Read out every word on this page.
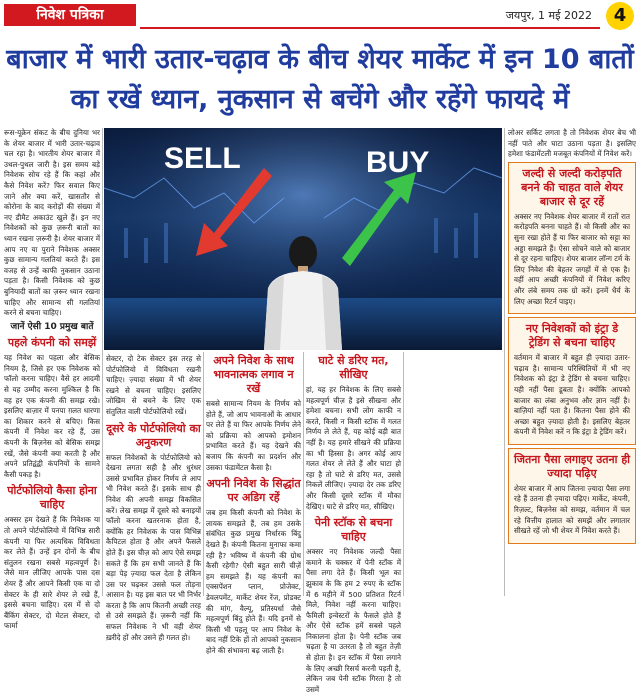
निवेश पत्रिका	जयपुर, 1 मई 2022	4
बाजार में भारी उतार-चढ़ाव के बीच शेयर मार्केट में इन 10 बातों का रखें ध्यान, नुकसान से बचेंगे और रहेंगे फायदे में
SELL	BUY

रूस-यूक्रेन संकट के बीच दुनिया भर के शेयर बाजार में भारी उतार-चढ़ाव चल रहा है। भारतीय शेयर बाजार में उथल-पुथल जारी है। इस समय बड़े निवेशक सोच रहे हैं कि कहां और कैसे निवेश करें? फिर सवाल किए जाने और क्या करें, खासतौर से कोरोना के बाद करोड़ों की संख्या में नए डीमैट अकाउंट खुले हैं। इन नए निवेशकों को कुछ ज़रूरी बातों का ध्यान रखना ज़रूरी है। शेयर बाजार में आप नए या पुराने निवेशक अक्सर कुछ सामान्य गलतियां करते हैं। इस वजह से उन्हें काफी नुकसान उठाना पड़ता है। किसी निवेशक को कुछ बुनियादी बातों का ज़रूर ध्यान रखना चाहिए और सामान्य सी गलतियां करने से बचना चाहिए।

जानें ऐसी 10 प्रमुख बातें
पहले कंपनी को समझें

यह निवेश का पहला और बेसिक नियम है, जिसे हर एक निवेशक को फॉलो करना चाहिए। वैसे हर आदमी से यह उम्मीद करना मुश्किल है कि वह हर एक कंपनी की समझ रखे। इसलिए बाज़ार में पनपा ग़लत धारणा का शिकार करने से बचिए। किस कंपनी में निवेश कर रहे हैं, उस कंपनी के बिज़नेस को बेसिक समझ रखें, जैसे कंपनी क्या करती है और अपने प्रतिद्वंद्वी कंपनियों के सामने कैसी पकड़ है।

पोर्टफोलियो कैसा होना चाहिए

अक्सर हम देखते हैं कि निवेशक या तो अपने पोर्टफोलियो में विभिन्न सारी कंपनी या फिर अत्यधिक विविधता कर लेते हैं। उन्हें इन दोनों के बीच संतुलन रखना सबसे महत्वपूर्ण है। जैसे मान लीजिए आपके पास दस शेयर हैं और आपने किसी एक या दो सेक्टर के ही सारे शेयर ले रखे हैं, इससे बचना चाहिए। दस में से दो बैंकिंग सेक्टर, दो मेटल सेक्टर, दो फार्मा

सेक्टर, दो टेक सेक्टर इस तरह से पोर्टफोलियो में विविधता रखनी चाहिए। ज़्यादा संख्या में भी शेयर रखने से बचना चाहिए। इसलिए जोखिम से बचने के लिए एक संतुलित वाली पोर्टफोलियो रखें।

दूसरे के पोर्टफोलियो का अनुकरण

सफल निवेशकों के पोर्टफोलियो को देखना लगता सही है और धुरंधर उससे प्रभावित होकर निर्णय ले आप भी निवेश करते हैं। इसके साथ ही निवेश की अपनी समझ विकसित करें। लेख समझ में दूसरे को बनाइयों फॉलो करना खतरनाक होता है, क्योंकि हर निवेशक के पास विभिन्न कैपिटल होता है और अपने फैसले होते हैं। इस चीज़ को आप ऐसे समझ सकते हैं कि हम सभी जानते हैं कि बड़ा पेड़ ज़्यादा फल देता है लेकिन उस पर चढ़कर उससे फल तोड़ना आसान है। यह इस बात पर भी निर्भर करता है कि आप कितनी अच्छी तरह से उसे समझते हैं। ज़रूरी नहीं कि सफल निवेशक ने भी वही शेयर ख़रीदे हों और उसने ही गलत हो।

अपने निवेश के साथ भावनात्मक लगाव न रखें

सबसे सामान्य नियम के निर्णय को होते हैं, जो आप भावनाओं के आधार पर लेते हैं या फिर आपके निर्णय लेने को प्रक्रिया को आपको इमोशन प्रभावित करते हैं। यह देखने की बजाय कि कंपनी का प्रदर्शन और उसका फंडामेंटल कैसा है।

अपनी निवेश के सिद्धांत पर अडिग रहें

जब हम किसी कंपनी को निवेश के लायक समझते हैं, तब हम उसके संबंधित कुछ प्रमुख निर्धारक बिंदु देखते हैं। कंपनी कितना मुनाफा कमा रही है? भविष्य में कंपनी की ग्रोथ कैसी रहेगी? ऐसी बहुत सारी चीज़ें हम समझते हैं। यह कंपनी का एक्सपेंशन प्लान, प्रोजेक्ट, डेवलपमेंट, मार्केट शेयर रेंज, प्रोडक्ट की मांग, वैल्यू, प्रतिस्पर्धा जैसे महत्वपूर्ण बिंदु होते हैं। यदि इनमें से किसी भी पहलू पर आप निवेश के बाद नहीं टिके हों तो आपको नुकसान होने की संभावना बढ़ जाती है।

घाटे से डरिए मत, सीखिए

हां, यह हर निवेशक के लिए सबसे महत्वपूर्ण चीज़ है इसे सीखना और हमेशा बचना। सभी लोग काफी न करते, किसी न किसी स्टॉक में गलत निर्णय ले लेते हैं, यह कोई बड़ी बात नहीं है। यह हमारे सीखने की प्रक्रिया का भी हिस्सा है। अगर कोई आप गलत शेयर ले लेते हैं और घाटा हो रहा है तो घाटे से डरिए मत, उससे निकलें लीजिए। ज़्यादा देर तक डरिए और किसी दूसरे स्टॉक में मौका देखिए। घाटे से डरिए मत, सीखिए।

पेनी स्टॉक से बचना चाहिए

अक्सर नए निवेशक जल्दी पैसा कमाने के चक्कर में पेनी स्टॉक में पैसा लगा देते हैं। किसी भूल का झुकाव के कि हम 2 रुपए के स्टॉक में 6 महीने में 500 प्रतिशत रिटर्न मिले, निवेश नहीं करना चाहिए। फैमिली इन्वेस्टरों के फैसले होते हैं और ऐसे स्टॉक हमें सबसे पहले निकालना होता है। पेनी स्टॉक जब चढ़ता है या उतरता है तो बहुत तेज़ी से होता है। इन स्टॉक में पैसा लगाने के लिए अच्छी रिसर्च करनी पड़ती है, लेकिन जब पेनी स्टॉक गिरता है तो उसमें

लोअर सर्किट लगता है तो निवेशक शेयर बेच भी नहीं पाते और घाटा उठाना पड़ता है। इसलिए हमेशा फंडामेंटली मजबूत कंपनियों में निवेश करें।

जल्दी से जल्दी करोड़पति बनने की चाहत वाले शेयर बाजार से दूर रहें

अक्सर नए निवेशक शेयर बाजार में रातों रात करोड़पति बनना चाहते हैं। वो किसी और का सुना रखा होते हैं या फिर बाजार को सट्टा का अड्डा समझते हैं। ऐसा सोचने वाले को बाजार से दूर रहना चाहिए। शेयर बाजार लॉन्ग टर्म के लिए निवेश की बेहतर जगहों में से एक है। वहीं आप अच्छी कंपनियों में निवेश करिए और लंबे समय तक ग्रो करें। इनमें धैर्य के लिए अच्छा रिटर्न पाइए।

नए निवेशकों को इंट्रा डे ट्रेडिंग से बचना चाहिए

वर्तमान में बाजार में बहुत ही ज़्यादा उतार-चढ़ाव है। सामान्य परिस्थितियों में भी नए निवेशक को इंट्रा डे ट्रेडिंग से बचना चाहिए। यही नहीं पैसा डूबता है। क्योंकि आपको बाजार का लंबा अनुभव और ज्ञान नहीं है। बाज़ियां नहीं पता है। कितना पैसा होने की अच्छा बहुत ज़्यादा होती है। इसलिए बेहतर कंपनी में निवेश करें न कि इंट्रा डे ट्रेडिंग करें।

जितना पैसा लगाइए उतना ही ज्यादा पढ़िए

शेयर बाजार में आप जितना ज़्यादा पैसा लगा रहे हैं उतना ही ज़्यादा पढ़िए। मार्केट, कंपनी, रिज़ल्ट, बिज़नेस को समझ, वर्तमान में चल रहे वित्तीय हालात को समझें और लगातार सीखते रहें जो भी शेयर में निवेश करते हैं।
